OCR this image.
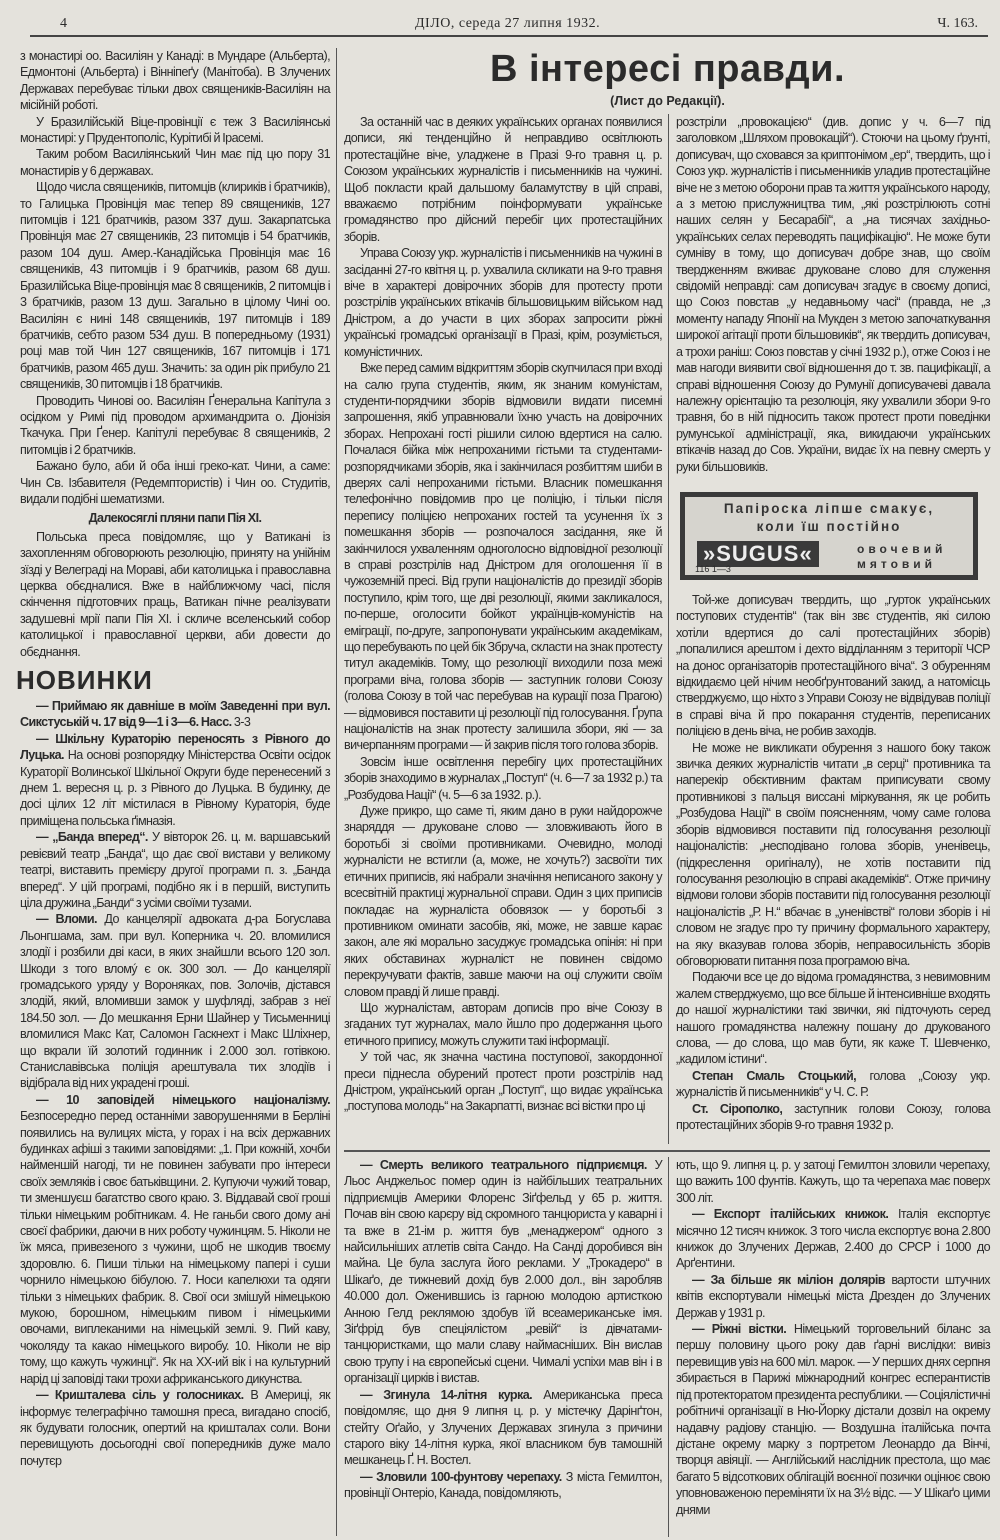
4	ДІЛО, середа 27 липня 1932.	Ч. 163.

з монастирі оо. Василіян у Канаді: в Мундаре (Альберта), Едмонтоні (Альберта) і Вінніпеґу (Манітоба). В Злучених Державах перебуває тільки двох священиків-Василіян на місійній роботі.

У Бразилійській Віце-провінції є теж 3 Василіянські монастирі: у Прудентополіс, Курітибі й Ірасемі.

Таким робом Василіянський Чин має під цю пору 31 монастирів у 6 державах.

Щодо числа священиків, питомців (клириків і братчиків), то Галицька Провінція має тепер 89 священиків, 127 питомців і 121 братчиків, разом 337 душ. Закарпатська Провінція має 27 священиків, 23 питомців і 54 братчиків, разом 104 душ. Амер.-Канадійська Провінція має 16 священиків, 43 питомців і 9 братчиків, разом 68 душ. Бразилійська Віце-провінція має 8 священиків, 2 питомців і 3 братчиків, разом 13 душ. Загально в цілому Чині оо. Василіян є нині 148 священиків, 197 питомців і 189 братчиків, себто разом 534 душ. В попередньому (1931) році мав той Чин 127 священиків, 167 питомців і 171 братчиків, разом 465 душ. Значить: за один рік прибуло 21 священиків, 30 питомців і 18 братчиків.

Проводить Чинові оо. Василіян Ґенеральна Капітула з осідком у Римі під проводом архимандрита о. Діонізія Ткачука. При Ґенер. Капітулі перебуває 8 священиків, 2 питомців і 2 братчиків.

Бажано було, аби й оба інші греко-кат. Чини, а саме: Чин Св. Ізбавителя (Редемптористів) і Чин оо. Студитів, видали подібні шематизми.

Далекосяглі пляни папи Пія XI.

Польська преса повідомляє, що у Ватикані із захопленням обговорюють резолюцію, приняту на унійнім зїзді у Велеграді на Мораві, аби католицька і православна церква обєдналися. Вже в найближчому часі, після скінчення підготовчих праць, Ватикан пічне реалізувати задушевні мрії папи Пія XI. і скличе вселенський собор католицької і православної церкви, аби довести до обєднання.

НОВИНКИ

— Приймаю як давніше в моїм Заведенні при вул. Сикстуській ч. 17 від 9—1 і 3—6. Насс. 3-3

— Шкільну Кураторію переносять з Рівного до Луцька. На основі розпорядку Міністерства Освіти осідок Кураторії Волинської Шкільної Округи буде перенесений з днем 1. вересня ц. р. з Рівного до Луцька. В будинку, де досі цілих 12 літ містилася в Рівному Кураторія, буде приміщена польська ґімназія.

— „Банда вперед“. У вівторок 26. ц. м. варшавський ревієвий театр „Банда“, що дає свої вистави у великому театрі, виставить премієру другої програми п. з. „Банда вперед“. У цій програмі, подібно як і в першій, виступить ціла дружина „Банди“ з усіми своїми тузами.

— Вломи. До канцелярії адвоката д-ра Богуслава Льонгшама, зам. при вул. Коперника ч. 20. вломилися злодії і розбили дві каси, в яких знайшли всього 120 зол. Шкоди з того вломý є ок. 300 зол. — До канцелярії громадського уряду у Вороняках, пов. Золочів, дістався злодій, який, вломивши замок у шуфляді, забрав з неї 184.50 зол. — До мешкання Ерни Шайнер у Тисьменниці вломилися Макс Кат, Саломон Гаскнехт і Макс Шліхнер, що вкрали їй золотий годинник і 2.000 зол. готівкою. Станиславівська поліція арештувала тих злодіїв і відібрала від них украдені гроші.

— 10 заповідей німецького націоналізму. Безпосередно перед останніми заворушеннями в Берліні появились на вулицях міста, у горах і на всіх державних будинках афіші з такими заповідями: „1. При кожній, хочби найменшій нагоді, ти не повинен забувати про інтереси своїх земляків і своє батьківщини. 2. Купуючи чужий товар, ти зменшуєш багатство свого краю. 3. Віддавай свої гроші тільки німецьким робітникам. 4. Не ганьби свого дому ані своєї фабрики, даючи в них роботу чужинцям. 5. Ніколи не їж мяса, привезеного з чужини, щоб не шкодив твоєму здоровлю. 6. Пиши тільки на німецькому папері і суши чорнило німецькою бібулою. 7. Носи капелюхи та одяги тільки з німецьких фабрик. 8. Свої оси змішуй німецькою мукою, борошном, німецьким пивом і німецькими овочами, виплеканими на німецькій землі. 9. Пий каву, чоколяду та какао німецького виробу. 10. Ніколи не вір тому, що кажуть чужинці“. Як на ХХ-ий вік і на культурний нарід ці заповіді таки трохи африканського дикунства.

— Кришталева сіль у голосниках. В Америці, як інформує телеграфічно тамошня преса, вигадано спосіб, як будувати голосник, опертий на кришталах соли. Вони перевищують досьогодні свої попередників дуже мало почутєр

В інтересі правди.
(Лист до Редакції).

За останній час в деяких українських органах появилися дописи, які тенденційно й неправдиво освітлюють протестаційне віче, уладжене в Празі 9-го травня ц. р. Союзом українських журналістів і письменників на чужині. Щоб покласти край дальшому баламутству в цій справі, вважаємо потрібним поінформувати українське громадянство про дійсний перебіг цих протестаційних зборів.

Управа Союзу укр. журналістів і письменників на чужині в засіданні 27-го квітня ц. р. ухвалила скликати на 9-го травня віче в характері довірочних зборів для протесту проти розстрілів українських втікачів більшовицьким військом над Дністром, а до участи в цих зборах запросити ріжні українські громадські організації в Празі, крім, розуміється, комуністичних.

Вже перед самим відкриттям зборів скупчилася при вході на салю група студентів, яким, як знаним комуністам, студенти-порядчики зборів відмовили видати писемні запрошення, якіб управнювали їхню участь на довірочних зборах. Непрохані гості рішили силою вдертися на салю. Почалася бійка між непроханими гістьми та студентами-розпорядчиками зборів, яка і закінчилася розбиттям шиби в дверях салі непроханими гістьми. Власник помешкання телефонічно повідомив про це поліцію, і тільки після перепису поліцією непроханих гостей та усунення їх з помешкання зборів — розпочалося засідання, яке й закінчилося ухваленням одноголосно відповідної резолюції в справі розстрілів над Дністром для оголошення її в чужоземній пресі. Від групи націоналістів до президії зборів поступило, крім того, ще дві резолюції, якими закликалося, по-перше, оголосити бойкот українців-комуністів на еміграції, по-друге, запропонувати українським академікам, що перебувають по цей бік Збруча, скласти на знак протесту титул академіків. Тому, що резолюції виходили поза межі програми віча, голова зборів — заступник голови Союзу (голова Союзу в той час перебував на курації поза Прагою) — відмовився поставити ці резолюції під голосування. Ґрупа націоналістів на знак протесту залишила збори, які — за вичерпанням програми — й закрив після того голова зборів.

Зовсім інше освітлення перебігу цих протестаційних зборів знаходимо в журналах „Поступ“ (ч. 6—7 за 1932 р.) та „Розбудова Нації“ (ч. 5—6 за 1932. р.).

Дуже прикро, що саме ті, яким дано в руки найдорожче знаряддя — друковане слово — зловживають його в боротьбі зі своїми противниками. Очевидно, молоді журналісти не встигли (а, може, не хочуть?) засвоїти тих етичних приписів, які набрали значіння неписаного закону у всесвітній практиці журнальної справи. Один з цих приписів покладає на журналіста обовязок — у боротьбі з противником оминати засобів, які, може, не завше карає закон, але які морально засуджує громадська опінія: ні при яких обставинах журналіст не повинен свідомо перекручувати фактів, завше маючи на оці служити своїм словом правді й лише правді.

Що журналістам, авторам дописів про віче Союзу в згаданих тут журналах, мало йшло про додержання цього етичного припису, можуть служити такі інформації.

У той час, як значна частина поступової, закордонної преси піднесла обурений протест проти розстрілів над Дністром, український орган „Поступ“, що видає українська „поступова молодь“ на Закарпатті, визнає всі вістки про ці

розстріли „провокацією“ (див. допис у ч. 6—7 під заголовком „Шляхом провокацій“). Стоючи на цьому ґрунті, дописувач, що сховався за криптонімом „ер“, твердить, що і Союз укр. журналістів і письменників уладив протестаційне віче не з метою оборони прав та життя українського народу, а з метою прислужництва тим, „які розстрілюють сотні наших селян у Бесарабії“, а „на тисячах західньо-українських селах переводять пацифікацію“. Не може бути сумніву в тому, що дописувач добре знав, що своїм твердженням вживає друковане слово для служення свідомій неправді: сам дописувач згадує в своєму дописі, що Союз повстав „у недавньому часі“ (правда, не „з моменту нападу Японії на Мукден з метою започаткування широкої агітації проти більшовиків“, як твердить дописувач, а трохи раніш: Союз повстав у січні 1932 р.), отже Союз і не мав нагоди виявити свої відношення до т. зв. пацифікації, а справі відношення Союзу до Румунії дописувачеві давала належну орієнтацію та резолюція, яку ухвалили збори 9-го травня, бо в ній підносить також протест проти поведінки румунської адміністрації, яка, викидаючи українських втікачів назад до Сов. України, видає їх на певну смерть у руки більшовиків.

Папіроска ліпше смакує,
коли їш постійно
»SUGUS«	овочевий
мятовий
116 1—3

Той-же дописувач твердить, що „гурток українських поступових студентів“ (так він звє студентів, які силою хотіли вдертися до салі протестаційних зборів) „попалилися арештом і дехто відділанням з території ЧСР на донос організаторів протестаційного віча“. З обуренням відкидаємо цей нічим необґрунтований закид, а натомісць стверджуємо, що ніхто з Управи Союзу не відвідував поліції в справі віча й про покарання студентів, переписаних поліцією в день віча, не робив заходів.

Не може не викликати обурення з нашого боку також звичка деяких журналістів читати „в серці“ противника та наперекір обєктивним фактам приписувати свому противникові з пальця виссані міркування, як це робить „Розбудова Нації“ в своїм поясненням, чому саме голова зборів відмовився поставити під голосування резолюції націоналістів: „несподівано голова зборів, уненівець, (підкреслення оригіналу), не хотів поставити під голосування резолюцію в справі академіків“. Отже причину відмови голови зборів поставити під голосування резолюції націоналістів „Р. Н.“ вбачає в „уненівстві“ голови зборів і ні словом не згадує про ту причину формального характеру, на яку вказував голова зборів, неправосильність зборів обговорювати питання поза програмою віча.

Подаючи все це до відома громадянства, з невимовним жалем стверджуємо, що все більше й інтенсивніше входять до нашої журналістики такі звички, які підточують серед нашого громадянства належну пошану до друкованого слова, — до слова, що мав бути, як каже Т. Шевченко, „кадилом істини“.

Степан Смаль Стоцький, голова „Союзу укр. журналістів й письменників“ у Ч. С. Р.

Ст. Сірополко, заступник голови Союзу, голова протестаційних зборів 9-го травня 1932 р.

— Смерть великого театрального підприємця. У Льос Анджельос помер один із найбільших театральних підприємців Америки Флоренс Зіґфельд у 65 р. життя. Почав він свою карєру від скромного танцюриста у каварні і та вже в 21-ім р. життя був „менаджером“ одного з найсильніших атлетів світа Сандо. На Санді доробився він майна. Це була заслуга його реклами. У „Трокадеро“ в Шікаґо, де тижневий дохід був 2.000 дол., він заробляв 40.000 дол. Оженившись із гарною молодою артисткою Анною Гелд реклямою здобув їй всеамериканське імя. Зіґфрід був спеціялістом „ревій“ із дівчатами-танцюристками, що мали славу наймасніших. Він вислав свою трупу і на європейські сцени. Чималі успіхи мав він і в організації цирків і вистав.

— Згинула 14-літня курка. Американська преса повідомляє, що дня 9 липня ц. р. у містечку Дарінґтон, стейту Оґайо, у Злучених Державах згинула з причини старого віку 14-літня курка, якої власником був тамошній мешканець Ґ. Н. Востел.

— Зловили 100-фунтову черепаху. З міста Гемилтон, провінції Онтеріо, Канада, повідомляють,

ють, що 9. липня ц. р. у затоці Гемилтон зловили черепаху, що важить 100 фунтів. Кажуть, що та черепаха має поверх 300 літ.

— Експорт італійських книжок. Італія експортує місячно 12 тисяч книжок. З того числа експортує вона 2.800 книжок до Злучених Держав, 2.400 до СРСР і 1000 до Арґентини.

— За більше як міліон долярів вартости штучних квітів експортували німецькі міста Дрезден до Злучених Держав у 1931 р.

— Ріжні вістки. Німецький торговельний біланс за першу половину цього року дав ґарні вислідки: вивіз перевищив увіз на 600 міл. марок. — У перших днях серпня збирається в Парижі міжнародний конгрес есперантистів під протекторатом президента республики. — Соціялістичні робітничі організації в Ню-Йорку дістали дозвіл на окрему надавчу радіову станцію. — Воздушна італійська почта дістане окрему марку з портретом Леонардо да Вінчі, творця авіяції. — Англійський наслідник престола, що має багато 5 відсоткових облігацій воєнної позички оцінює свою уповноваженою переміняти їх на 3½ відс. — У Шікаґо цими днями
